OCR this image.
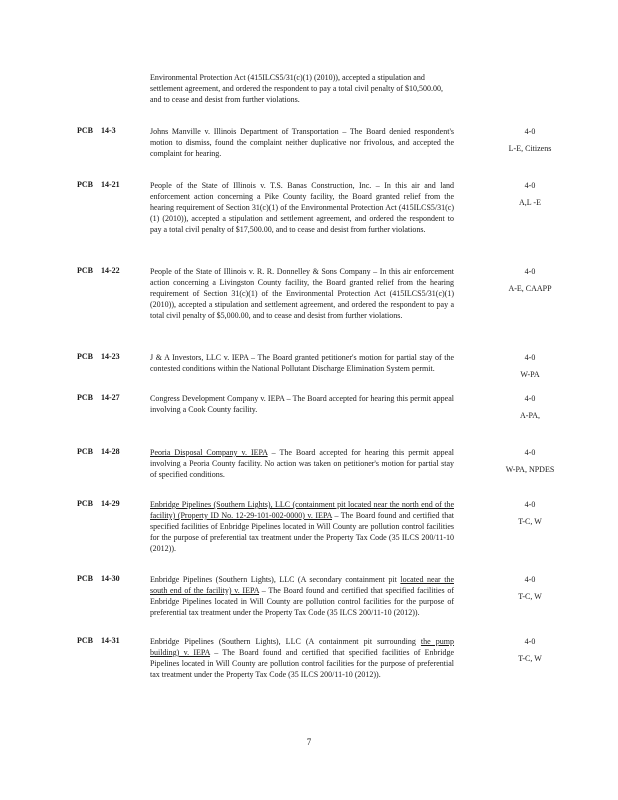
Environmental Protection Act (415ILCS5/31(c)(1) (2010)), accepted a stipulation and settlement agreement, and ordered the respondent to pay a total civil penalty of $10,500.00, and to cease and desist from further violations.
PCB 14-3	Johns Manville v. Illinois Department of Transportation – The Board denied respondent's motion to dismiss, found the complaint neither duplicative nor frivolous, and accepted the complaint for hearing.
4-0
L-E, Citizens
PCB 14-21	People of the State of Illinois v. T.S. Banas Construction, Inc. – In this air and land enforcement action concerning a Pike County facility, the Board granted relief from the hearing requirement of Section 31(c)(1) of the Environmental Protection Act (415ILCS5/31(c)(1) (2010)), accepted a stipulation and settlement agreement, and ordered the respondent to pay a total civil penalty of $17,500.00, and to cease and desist from further violations.
4-0
A,L -E
PCB 14-22	People of the State of Illinois v. R. R. Donnelley & Sons Company – In this air enforcement action concerning a Livingston County facility, the Board granted relief from the hearing requirement of Section 31(c)(1) of the Environmental Protection Act (415ILCS5/31(c)(1) (2010)), accepted a stipulation and settlement agreement, and ordered the respondent to pay a total civil penalty of $5,000.00, and to cease and desist from further violations.
4-0
A-E, CAAPP
PCB 14-23	J & A Investors, LLC v. IEPA – The Board granted petitioner's motion for partial stay of the contested conditions within the National Pollutant Discharge Elimination System permit.
4-0
W-PA
PCB 14-27	Congress Development Company v. IEPA – The Board accepted for hearing this permit appeal involving a Cook County facility.
4-0
A-PA,
PCB 14-28	Peoria Disposal Company v. IEPA – The Board accepted for hearing this permit appeal involving a Peoria County facility. No action was taken on petitioner's motion for partial stay of specified conditions.
4-0
W-PA, NPDES
PCB 14-29	Enbridge Pipelines (Southern Lights), LLC (containment pit located near the north end of the facility) (Property ID No. 12-29-101-002-0000) v. IEPA – The Board found and certified that specified facilities of Enbridge Pipelines located in Will County are pollution control facilities for the purpose of preferential tax treatment under the Property Tax Code (35 ILCS 200/11-10 (2012)).
4-0
T-C, W
PCB 14-30	Enbridge Pipelines (Southern Lights), LLC (A secondary containment pit located near the south end of the facility) v. IEPA – The Board found and certified that specified facilities of Enbridge Pipelines located in Will County are pollution control facilities for the purpose of preferential tax treatment under the Property Tax Code (35 ILCS 200/11-10 (2012)).
4-0
T-C, W
PCB 14-31	Enbridge Pipelines (Southern Lights), LLC (A containment pit surrounding the pump building) v. IEPA – The Board found and certified that specified facilities of Enbridge Pipelines located in Will County are pollution control facilities for the purpose of preferential tax treatment under the Property Tax Code (35 ILCS 200/11-10 (2012)).
4-0
T-C, W
7
